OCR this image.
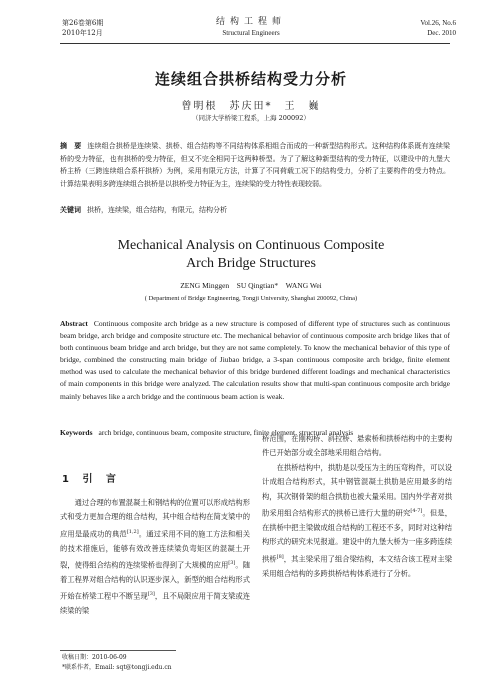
第26卷第6期
2010年12月
结构工程师
Structural Engineers
Vol.26, No.6
Dec. 2010
连续组合拱桥结构受力分析
曾明根　苏庆田*　王　巍
（同济大学桥梁工程系，上海 200092）
摘　要 连续组合拱桥是连续梁、拱桥、组合结构等不同结构体系相组合而成的一种新型结构形式。这种结构体系既有连续梁桥的受力特征，也有拱桥的受力特征，但又不完全相同于这两种桥型。为了了解这种新型结构的受力特征，以建设中的九堡大桥主桥（三跨连续组合系杆拱桥）为例，采用有限元方法，计算了不同荷载工况下的结构受力，分析了主要构件的受力特点。计算结果表明多跨连续组合拱桥是以拱桥受力特征为主，连续梁的受力特性表现较弱。
关键词 拱桥，连续梁，组合结构，有限元，结构分析
Mechanical Analysis on Continuous Composite
Arch Bridge Structures
ZENG Minggen　SU Qingtian*　WANG Wei
( Department of Bridge Engineering, Tongji University, Shanghai 200092, China)
Abstract Continuous composite arch bridge as a new structure is composed of different type of structures such as continuous beam bridge, arch bridge and composite structure etc. The mechanical behavior of continuous composite arch bridge likes that of both continuous beam bridge and arch bridge, but they are not same completely. To know the mechanical behavior of this type of bridge, combined the constructing main bridge of Jiubao bridge, a 3-span continuous composite arch bridge, finite element method was used to calculate the mechanical behavior of this bridge burdened different loadings and mechanical characteristics of main components in this bridge were analyzed. The calculation results show that multi-span continuous composite arch bridge mainly behaves like a arch bridge and the continuous beam action is weak.
Keywords arch bridge, continuous beam, composite structure, finite element, structural analysis
1 引 言

通过合理的布置混凝土和钢结构的位置可以形成结构形式和受力更加合理的组合结构，其中组合结构在简支梁中的应用是最成功的典范[1,2]。通过采用不同的施工方法和相关的技术措施后，能够有效改善连续梁负弯矩区的混凝土开裂，使得组合结构的连续梁桥也得到了大规模的应用[3]。随着工程界对组合结构的认识逐步深入，新型的组合结构形式开始在桥梁工程中不断呈现[3]，且不局限应用于简支梁或连续梁的梁

桥范围，在刚构桥、斜拉桥、悬索桥和拱桥结构中的主要构件已开始部分或全部地采用组合结构。

在拱桥结构中，拱肋是以受压为主的压弯构件，可以设计成组合结构形式，其中钢管混凝土拱肋是应用最多的结构，其次钢骨架的组合拱肋也被大量采用。国内外学者对拱肋采用组合结构形式的拱桥已进行大量的研究[4-7]。但是，在拱桥中把主梁做成组合结构的工程还不多，同时对这种结构形式的研究未见报道。建设中的九堡大桥为一座多跨连续拱桥[8]，其主梁采用了组合梁结构，本文结合该工程对主梁采用组合结构的多跨拱桥结构体系进行了分析。

收稿日期：2010-06-09
*联系作者，Email: sqt@tongji.edu.cn
